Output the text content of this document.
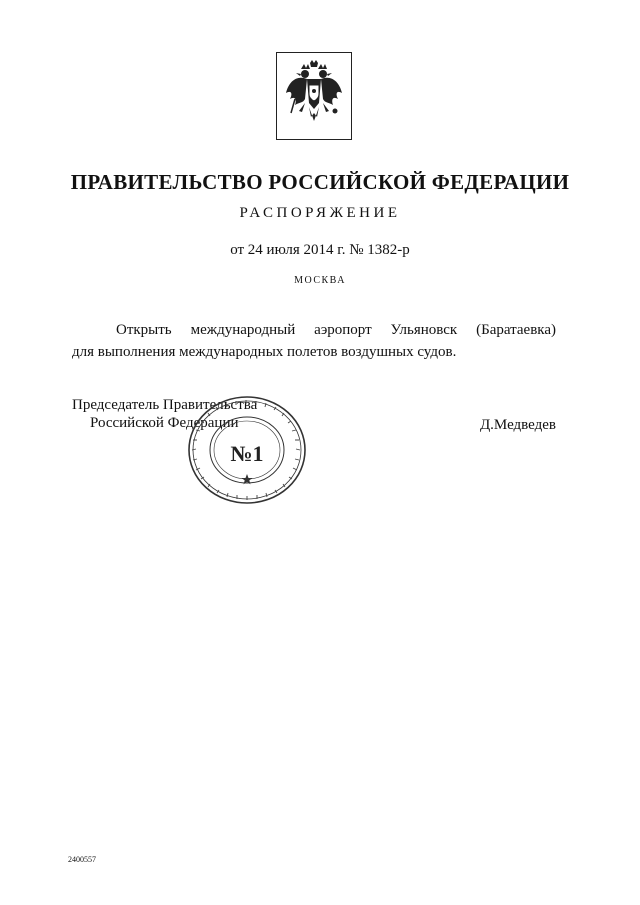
ПРАВИТЕЛЬСТВО РОССИЙСКОЙ ФЕДЕРАЦИИ
РАСПОРЯЖЕНИЕ
от 24 июля 2014 г. № 1382-р
МОСКВА
Открыть международный аэропорт Ульяновск (Баратаевка)
для выполнения международных полетов воздушных судов.
Председатель Правительства
Российской Федерации	Д.Медведев
№1
2400557
